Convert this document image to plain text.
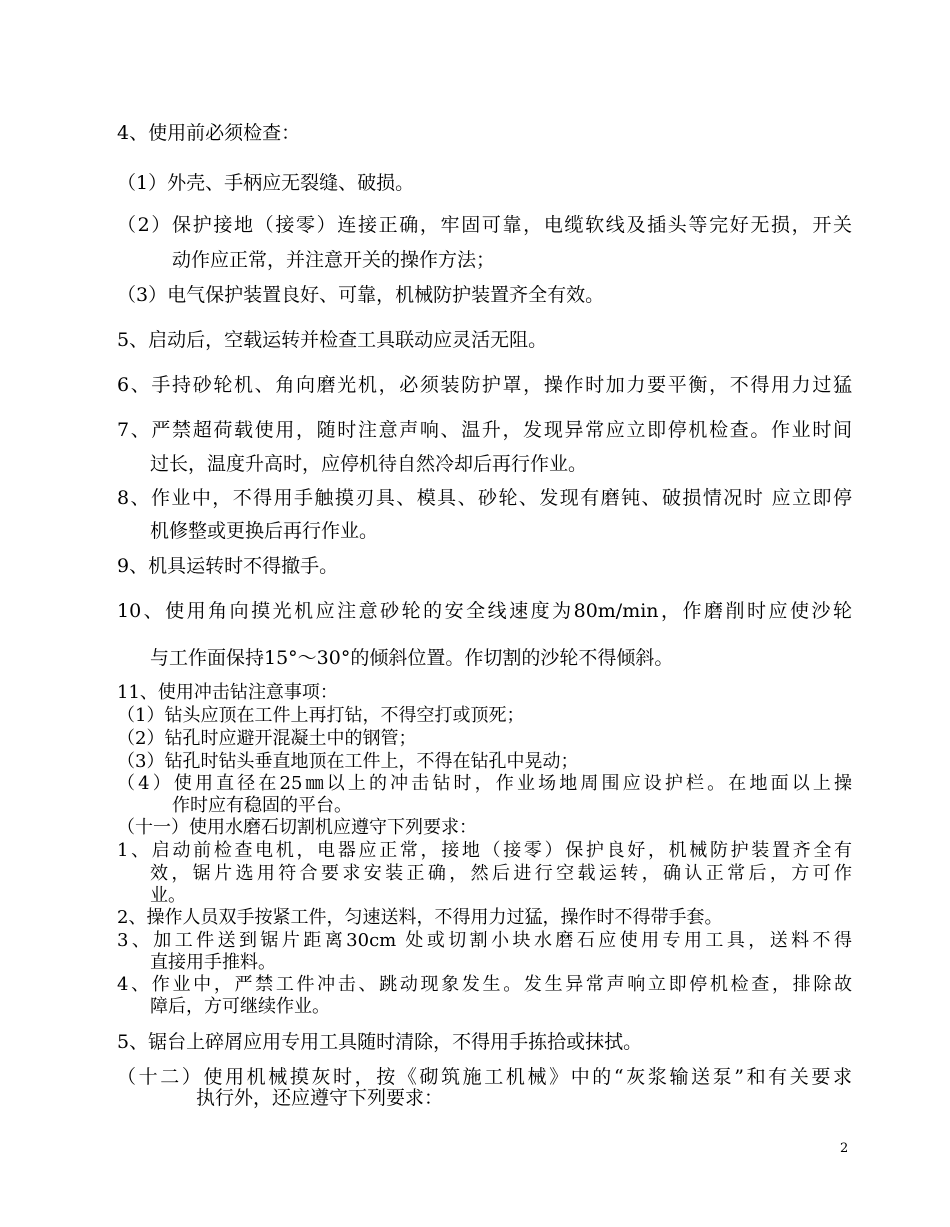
4、使用前必须检查：
（1）外壳、手柄应无裂缝、破损。
（2）保护接地（接零）连接正确，牢固可靠，电缆软线及插头等完好无损，开关
动作应正常，并注意开关的操作方法；
（3）电气保护装置良好、可靠，机械防护装置齐全有效。
5、启动后，空载运转并检查工具联动应灵活无阻。
6、手持砂轮机、角向磨光机，必须装防护罩，操作时加力要平衡，不得用力过猛
7、严禁超荷载使用，随时注意声响、温升，发现异常应立即停机检查。作业时间
过长，温度升高时，应停机待自然冷却后再行作业。
8、作业中，不得用手触摸刃具、模具、砂轮、发现有磨钝、破损情况时 应立即停
机修整或更换后再行作业。
9、机具运转时不得撤手。
10、使用角向摸光机应注意砂轮的安全线速度为80m/min，作磨削时应使沙轮
与工作面保持15°～30°的倾斜位置。作切割的沙轮不得倾斜。
11、使用冲击钻注意事项：
（1）钻头应顶在工件上再打钻，不得空打或顶死；
（2）钻孔时应避开混凝土中的钢管；
（3）钻孔时钻头垂直地顶在工件上，不得在钻孔中晃动；
（4）使用直径在25㎜以上的冲击钻时，作业场地周围应设护栏。在地面以上操
作时应有稳固的平台。
（十一）使用水磨石切割机应遵守下列要求：
1、启动前检查电机，电器应正常，接地（接零）保护良好，机械防护装置齐全有
效，锯片选用符合要求安装正确，然后进行空载运转，确认正常后，方可作
业。
2、操作人员双手按紧工件，匀速送料，不得用力过猛，操作时不得带手套。
3、加工件送到锯片距离30cm 处或切割小块水磨石应使用专用工具，送料不得
直接用手推料。
4、作业中，严禁工件冲击、跳动现象发生。发生异常声响立即停机检查，排除故
障后，方可继续作业。
5、锯台上碎屑应用专用工具随时清除，不得用手拣拾或抹拭。
（十二）使用机械摸灰时，按《砌筑施工机械》中的“灰浆输送泵”和有关要求
执行外，还应遵守下列要求：
2
